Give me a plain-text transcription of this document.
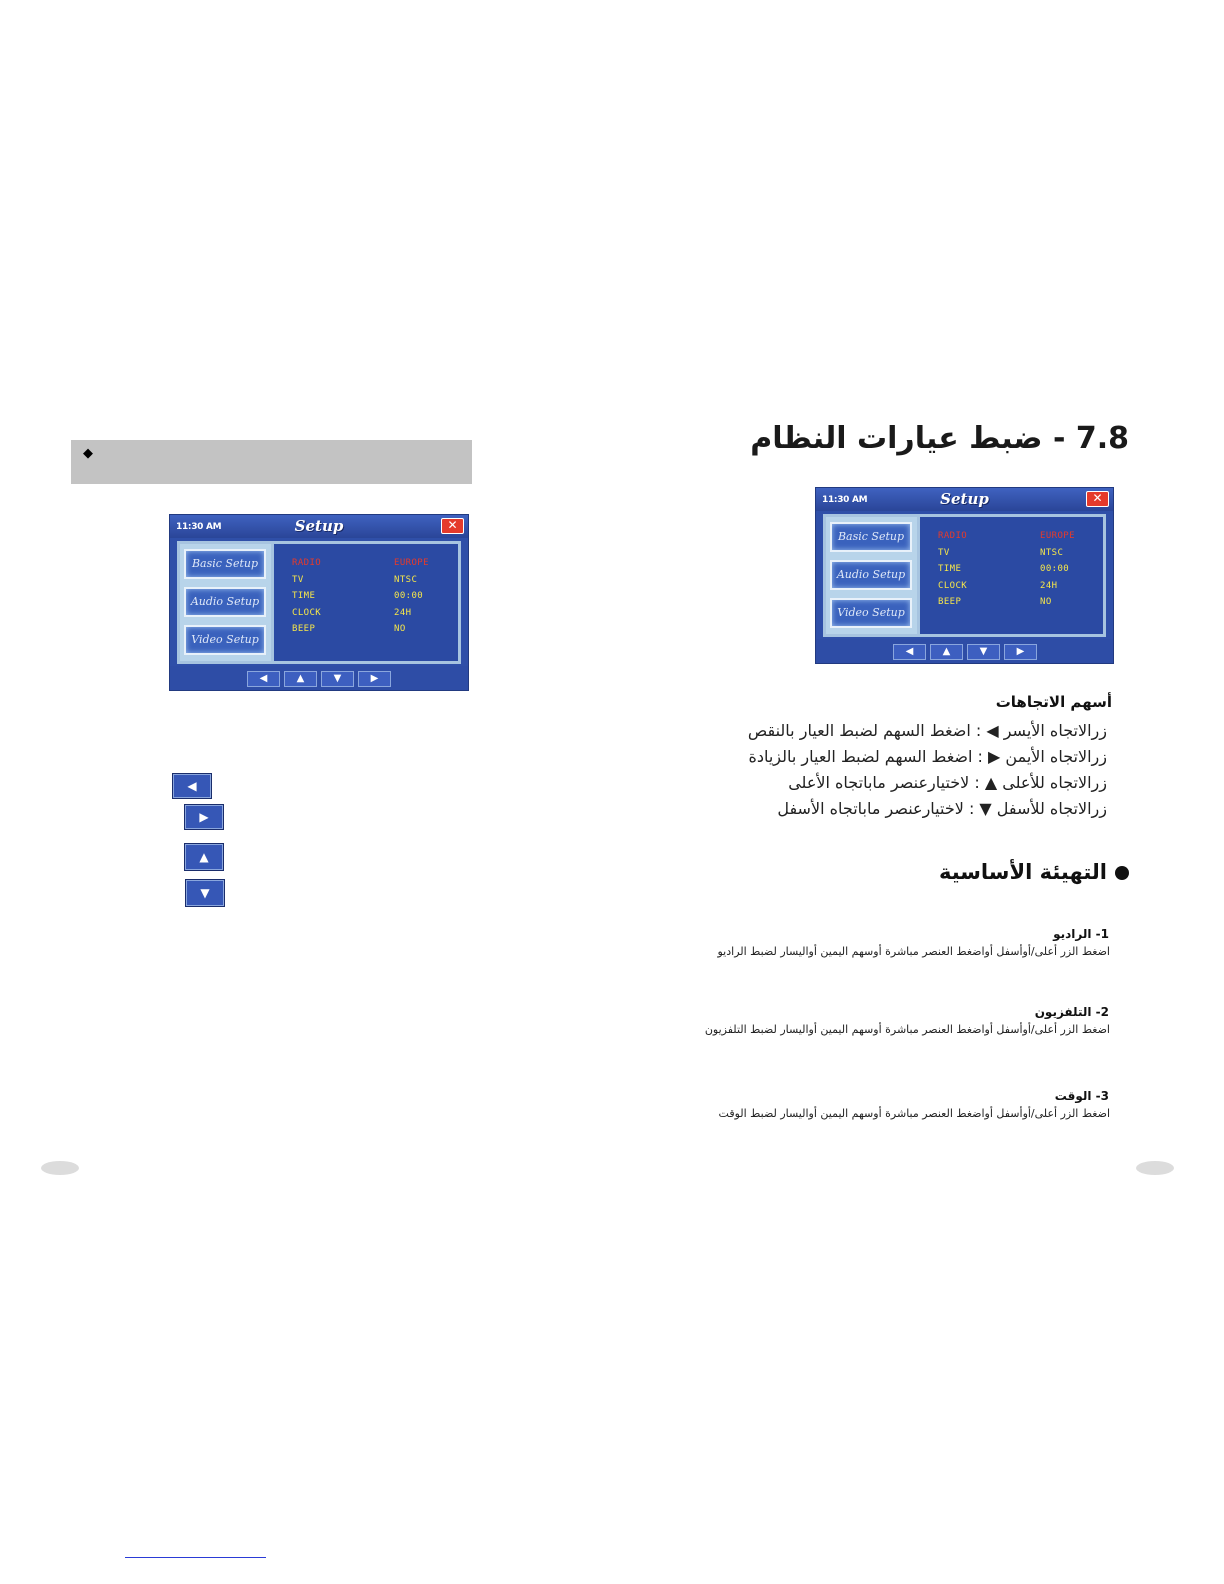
◆
11:30 AM	Setup	✕
Basic Setup
Audio Setup
Video Setup
RADIO	EUROPE
TV	NTSC
TIME	00:00
CLOCK	24H
BEEP	NO
◀	▲	▼	▶
◀
▶
▲
▼
7.8 - ضبط عيارات النظام
11:30 AM	Setup	✕
Basic Setup
Audio Setup
Video Setup
RADIO	EUROPE
TV	NTSC
TIME	00:00
CLOCK	24H
BEEP	NO
◀	▲	▼	▶
أسهم الاتجاهات
زرالاتجاه الأيسر ◀ : اضغط السهم لضبط العيار بالنقص
زرالاتجاه الأيمن ▶ : اضغط السهم لضبط العيار بالزيادة
زرالاتجاه للأعلى ▲ : لاختيارعنصر ماباتجاه الأعلى
زرالاتجاه للأسفل ▼ : لاختيارعنصر ماباتجاه الأسفل
التهيئة الأساسية
1- الراديو
اضغط الزر أعلى/أوأسفل أواضغط العنصر مباشرة أوسهم اليمين أواليسار لضبط الراديو
2- التلفزيون
اضغط الزر أعلى/أوأسفل أواضغط العنصر مباشرة أوسهم اليمين أواليسار لضبط التلفزيون
3- الوقت
اضغط الزر أعلى/أوأسفل أواضغط العنصر مباشرة أوسهم اليمين أواليسار لضبط الوقت
